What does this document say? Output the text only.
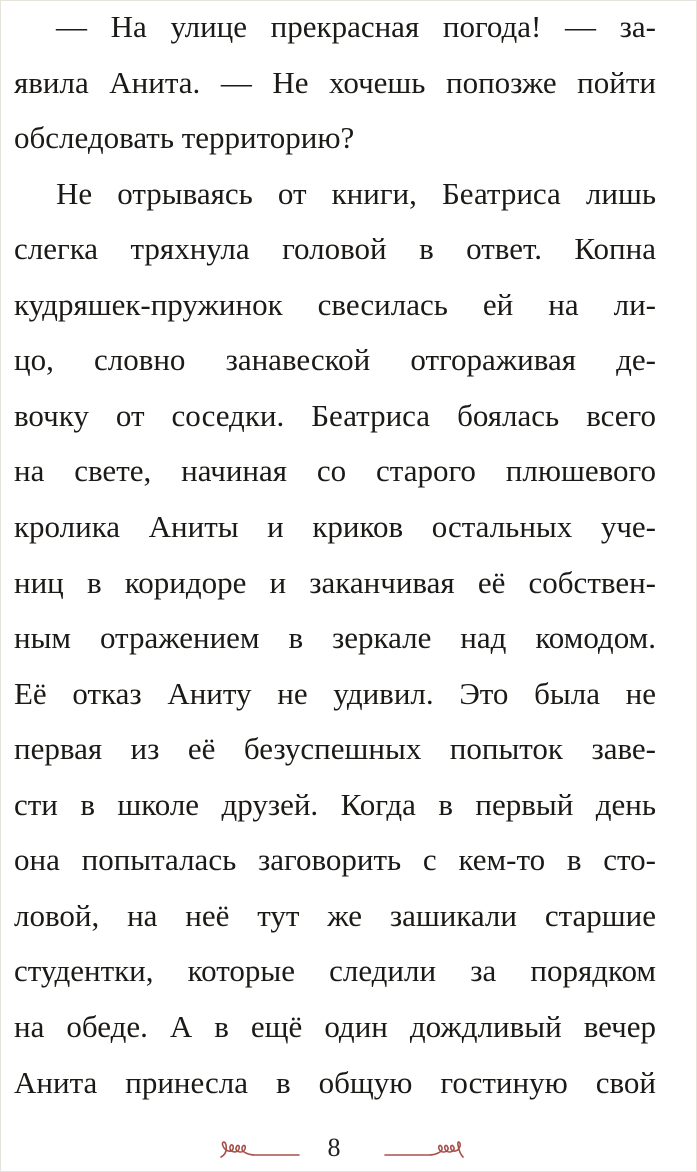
— На улице прекрасная погода! — за-
явила Анита. — Не хочешь попозже пойти
обследовать территорию?
Не отрываясь от книги, Беатриса лишь
слегка тряхнула головой в ответ. Копна
кудряшек-пружинок свесилась ей на ли-
цо, словно занавеской отгораживая де-
вочку от соседки. Беатриса боялась всего
на свете, начиная со старого плюшевого
кролика Аниты и криков остальных уче-
ниц в коридоре и заканчивая её собствен-
ным отражением в зеркале над комодом.
Её отказ Аниту не удивил. Это была не
первая из её безуспешных попыток заве-
сти в школе друзей. Когда в первый день
она попыталась заговорить с кем-то в сто-
ловой, на неё тут же зашикали старшие
студентки, которые следили за порядком
на обеде. А в ещё один дождливый вечер
Анита принесла в общую гостиную свой
8
